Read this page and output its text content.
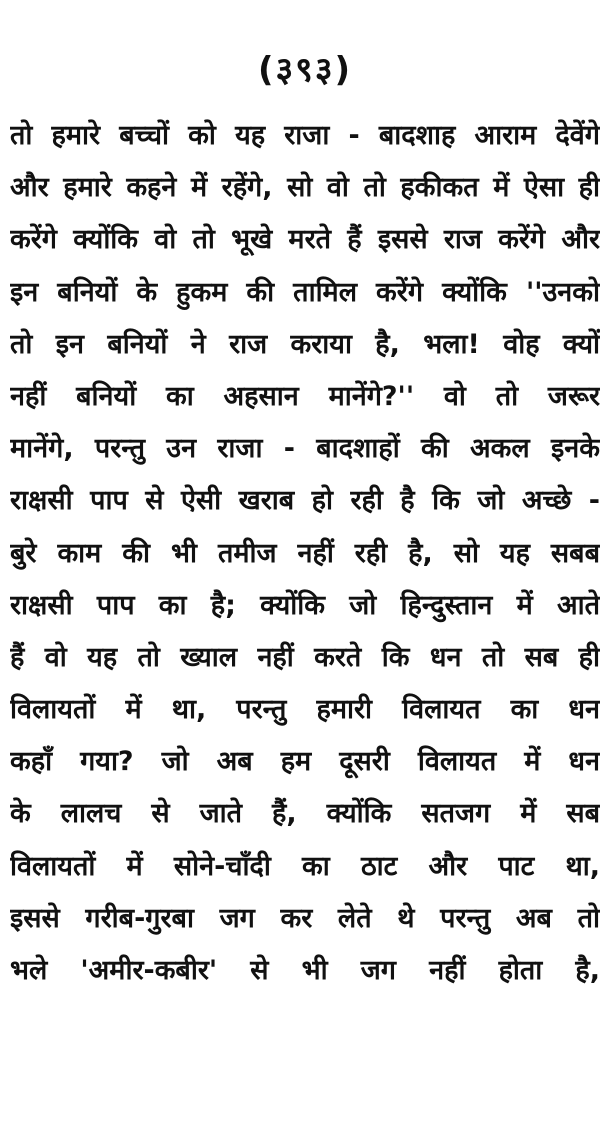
(३९३)
तो हमारे बच्चों को यह राजा - बादशाह आराम देवेंगे
और हमारे कहने में रहेंगे, सो वो तो हकीकत में ऐसा ही
करेंगे क्योंकि वो तो भूखे मरते हैं इससे राज करेंगे और
इन बनियों के हुकम की तामिल करेंगे क्योंकि ''उनको
तो इन बनियों ने राज कराया है, भला! वोह क्यों
नहीं बनियों का अहसान मानेंगे?'' वो तो जरूर
मानेंगे, परन्तु उन राजा - बादशाहों की अकल इनके
राक्षसी पाप से ऐसी खराब हो रही है कि जो अच्छे -
बुरे काम की भी तमीज नहीं रही है, सो यह सबब
राक्षसी पाप का है; क्योंकि जो हिन्दुस्तान में आते
हैं वो यह तो ख्याल नहीं करते कि धन तो सब ही
विलायतों में था, परन्तु हमारी विलायत का धन
कहाँ गया? जो अब हम दूसरी विलायत में धन
के लालच से जाते हैं, क्योंकि सतजग में सब
विलायतों में सोने-चाँदी का ठाट और पाट था,
इससे गरीब-गुरबा जग कर लेते थे परन्तु अब तो
भले 'अमीर-कबीर' से भी जग नहीं होता है,
